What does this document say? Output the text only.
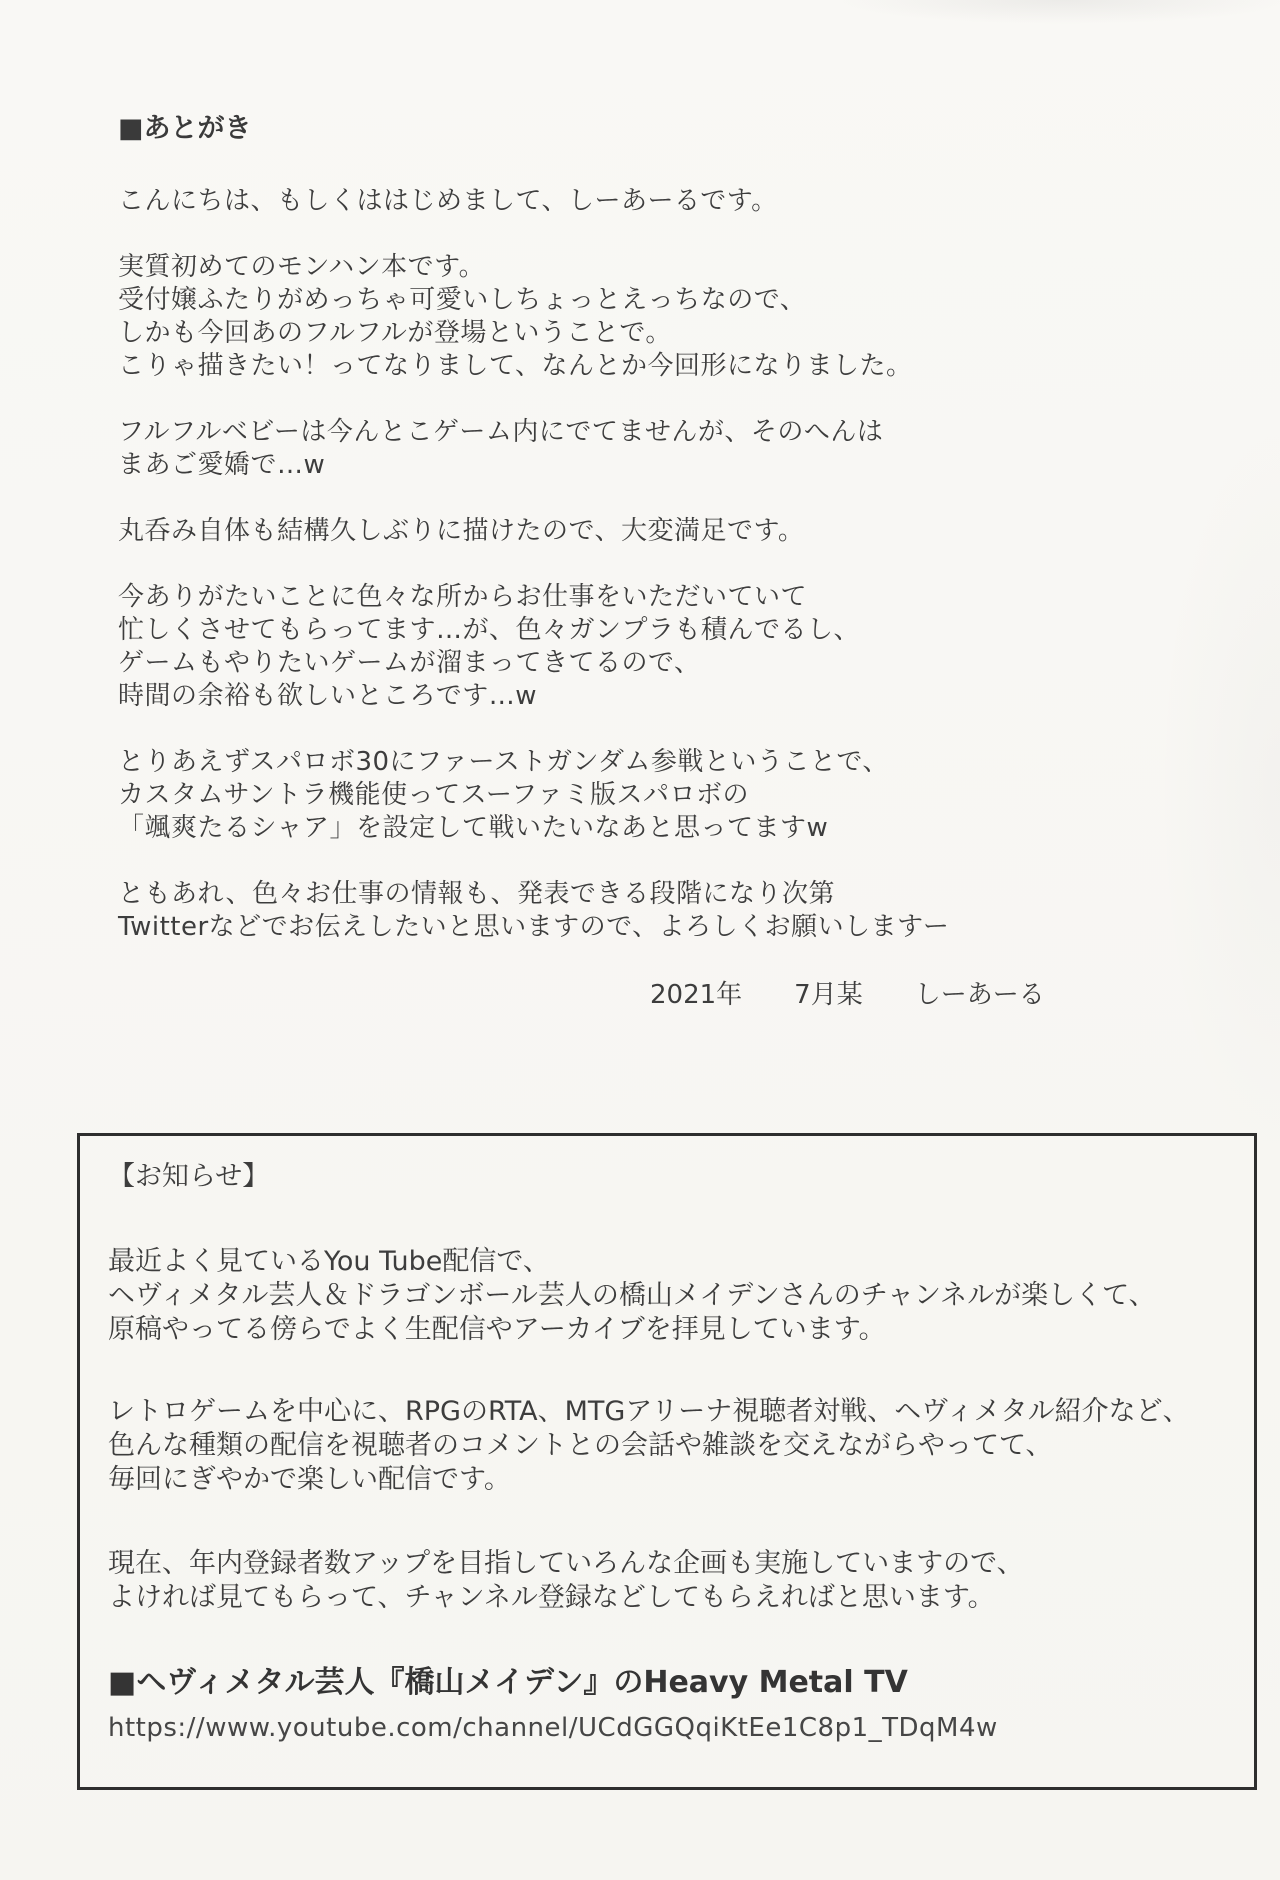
■あとがき
こんにちは、もしくははじめまして、しーあーるです。
実質初めてのモンハン本です。
受付嬢ふたりがめっちゃ可愛いしちょっとえっちなので、
しかも今回あのフルフルが登場ということで。
こりゃ描きたい！ってなりまして、なんとか今回形になりました。
フルフルベビーは今んとこゲーム内にでてませんが、そのへんは
まあご愛嬌で…w
丸呑み自体も結構久しぶりに描けたので、大変満足です。
今ありがたいことに色々な所からお仕事をいただいていて
忙しくさせてもらってます…が、色々ガンプラも積んでるし、
ゲームもやりたいゲームが溜まってきてるので、
時間の余裕も欲しいところです…w
とりあえずスパロボ30にファーストガンダム参戦ということで、
カスタムサントラ機能使ってスーファミ版スパロボの
「颯爽たるシャア」を設定して戦いたいなあと思ってますw
ともあれ、色々お仕事の情報も、発表できる段階になり次第
Twitterなどでお伝えしたいと思いますので、よろしくお願いしますー
2021年　　7月某　　しーあーる
【お知らせ】
最近よく見ているYou Tube配信で、
ヘヴィメタル芸人＆ドラゴンボール芸人の橋山メイデンさんのチャンネルが楽しくて、
原稿やってる傍らでよく生配信やアーカイブを拝見しています。
レトロゲームを中心に、RPGのRTA、MTGアリーナ視聴者対戦、ヘヴィメタル紹介など、
色んな種類の配信を視聴者のコメントとの会話や雑談を交えながらやってて、
毎回にぎやかで楽しい配信です。
現在、年内登録者数アップを目指していろんな企画も実施していますので、
よければ見てもらって、チャンネル登録などしてもらえればと思います。
■ヘヴィメタル芸人『橋山メイデン』のHeavy Metal TV
https://www.youtube.com/channel/UCdGGQqiKtEe1C8p1_TDqM4w
